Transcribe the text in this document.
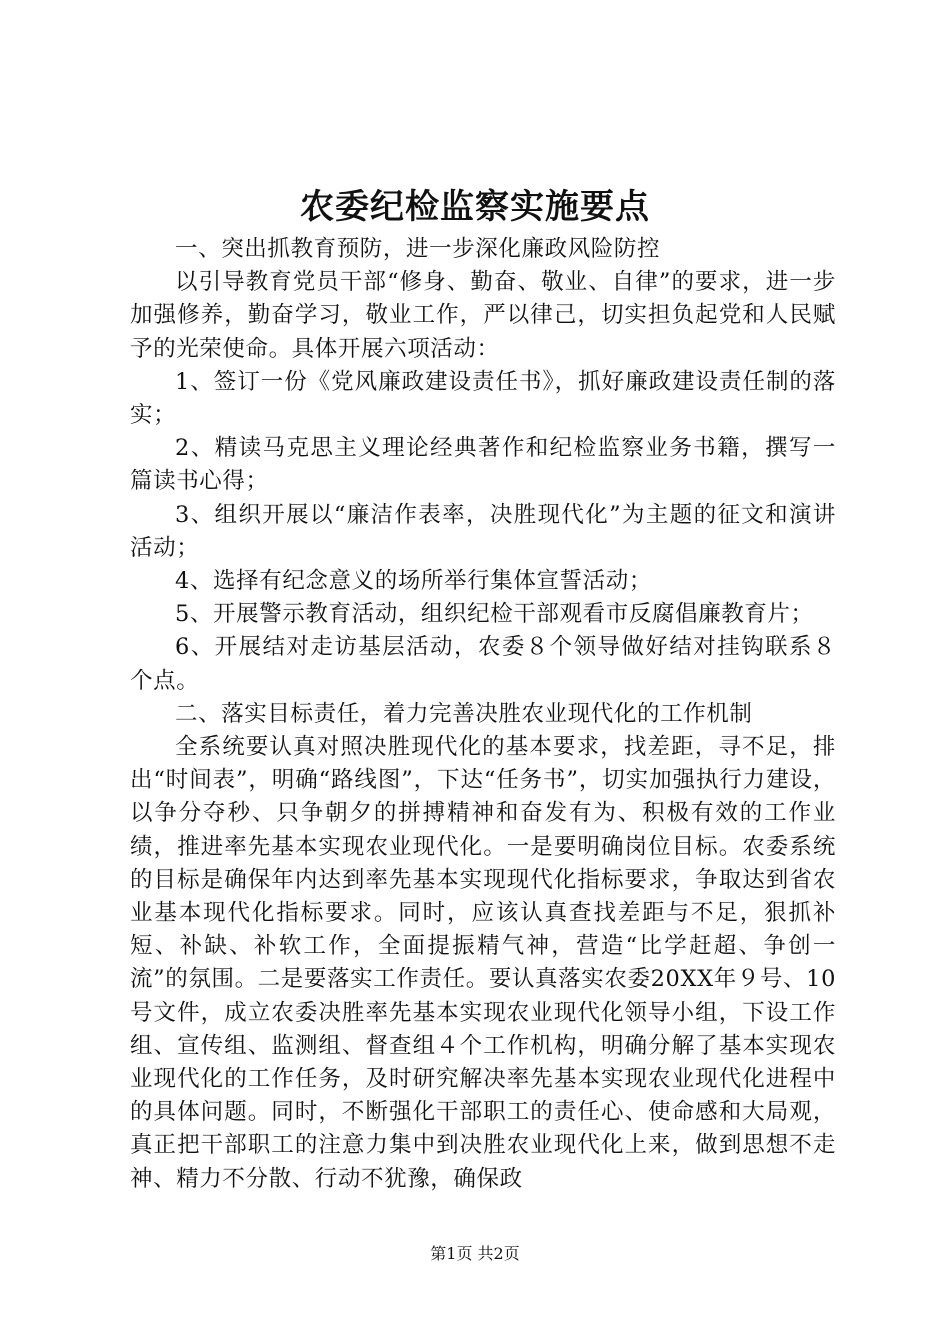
农委纪检监察实施要点

一、突出抓教育预防，进一步深化廉政风险防控

以引导教育党员干部“修身、勤奋、敬业、自律”的要求，进一步加强修养，勤奋学习，敬业工作，严以律己，切实担负起党和人民赋予的光荣使命。具体开展六项活动：

1、签订一份《党风廉政建设责任书》，抓好廉政建设责任制的落实；

2、精读马克思主义理论经典著作和纪检监察业务书籍，撰写一篇读书心得；

3、组织开展以“廉洁作表率，决胜现代化”为主题的征文和演讲活动；

4、选择有纪念意义的场所举行集体宣誓活动；

5、开展警示教育活动，组织纪检干部观看市反腐倡廉教育片；

6、开展结对走访基层活动，农委８个领导做好结对挂钩联系８个点。

二、落实目标责任，着力完善决胜农业现代化的工作机制

全系统要认真对照决胜现代化的基本要求，找差距，寻不足，排出“时间表”，明确“路线图”，下达“任务书”，切实加强执行力建设，以争分夺秒、只争朝夕的拼搏精神和奋发有为、积极有效的工作业绩，推进率先基本实现农业现代化。一是要明确岗位目标。农委系统的目标是确保年内达到率先基本实现现代化指标要求，争取达到省农业基本现代化指标要求。同时，应该认真查找差距与不足，狠抓补短、补缺、补软工作，全面提振精气神，营造“比学赶超、争创一流”的氛围。二是要落实工作责任。要认真落实农委20XX年９号、10号文件，成立农委决胜率先基本实现农业现代化领导小组，下设工作组、宣传组、监测组、督查组４个工作机构，明确分解了基本实现农业现代化的工作任务，及时研究解决率先基本实现农业现代化进程中的具体问题。同时，不断强化干部职工的责任心、使命感和大局观，真正把干部职工的注意力集中到决胜农业现代化上来，做到思想不走神、精力不分散、行动不犹豫，确保政

第1页 共2页
